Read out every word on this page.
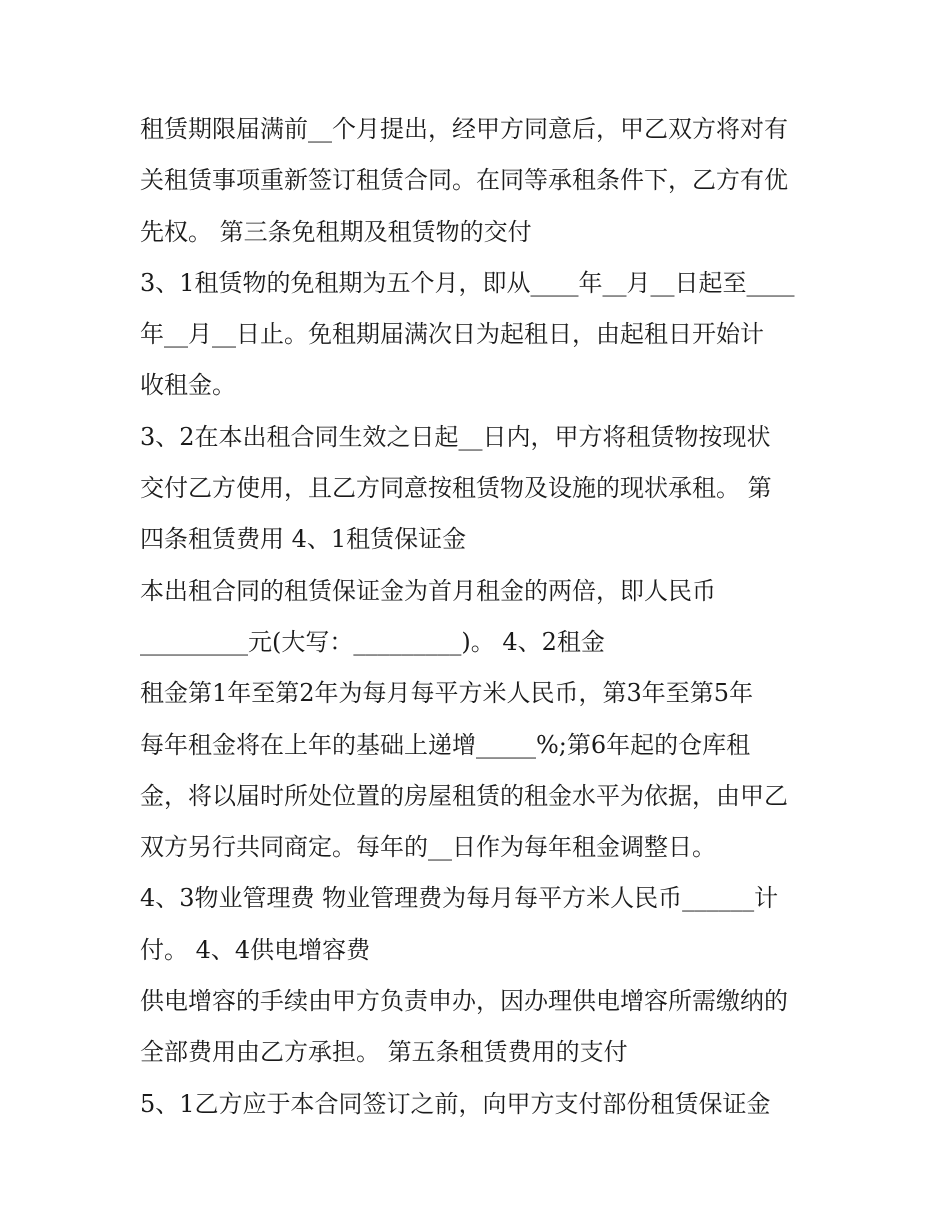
租赁期限届满前__个月提出，经甲方同意后，甲乙双方将对有
关租赁事项重新签订租赁合同。在同等承租条件下，乙方有优
先权。 第三条免租期及租赁物的交付
3、1租赁物的免租期为五个月，即从____年__月__日起至____
年__月__日止。免租期届满次日为起租日，由起租日开始计
收租金。
3、2在本出租合同生效之日起__日内，甲方将租赁物按现状
交付乙方使用，且乙方同意按租赁物及设施的现状承租。 第
四条租赁费用 4、1租赁保证金
本出租合同的租赁保证金为首月租金的两倍，即人民币
_________元(大写：_________)。 4、2租金
租金第1年至第2年为每月每平方米人民币，第3年至第5年
每年租金将在上年的基础上递增_____%;第6年起的仓库租
金，将以届时所处位置的房屋租赁的租金水平为依据，由甲乙
双方另行共同商定。每年的__日作为每年租金调整日。
4、3物业管理费 物业管理费为每月每平方米人民币______计
付。 4、4供电增容费
供电增容的手续由甲方负责申办，因办理供电增容所需缴纳的
全部费用由乙方承担。 第五条租赁费用的支付
5、1乙方应于本合同签订之前，向甲方支付部份租赁保证金
